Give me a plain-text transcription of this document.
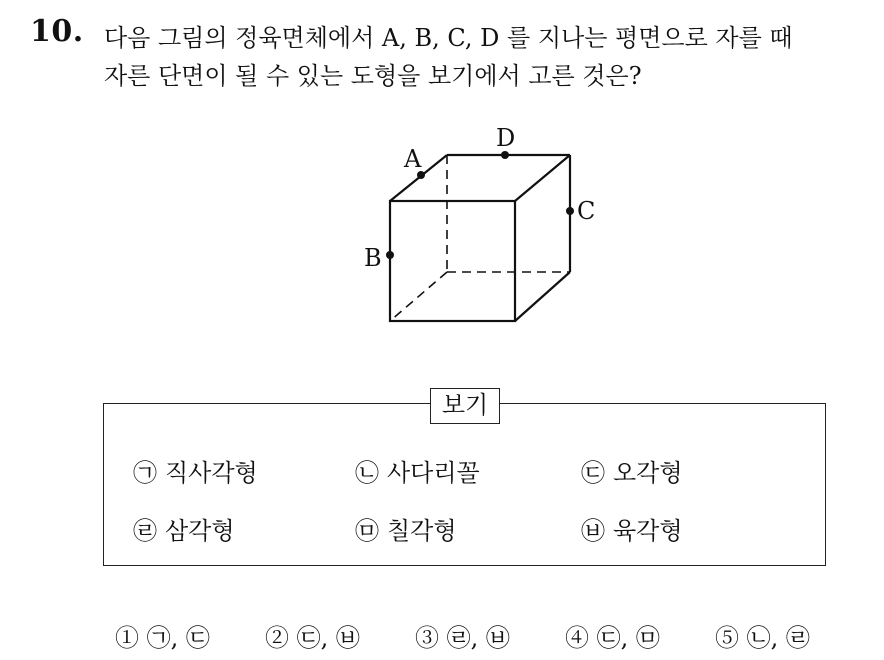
10. 다음 그림의 정육면체에서 A, B, C, D 를 지나는 평면으로 자를 때
자른 단면이 될 수 있는 도형을 보기에서 고른 것은?
A
D
C
B
보기
㉠ 직사각형	㉡ 사다리꼴	㉢ 오각형
㉣ 삼각형	㉤ 칠각형	㉥ 육각형
① ㉠, ㉢ ② ㉢, ㉥ ③ ㉣, ㉥ ④ ㉢, ㉤ ⑤ ㉡, ㉣
